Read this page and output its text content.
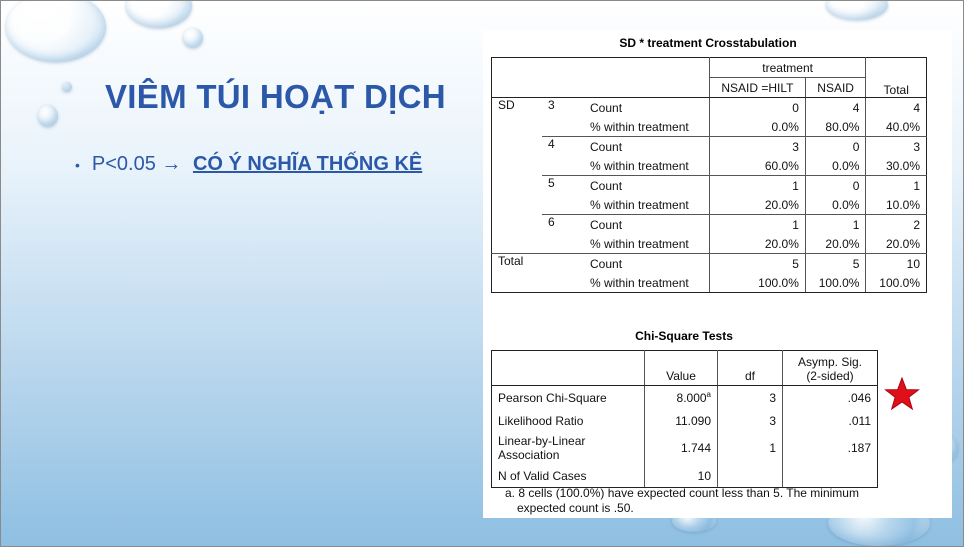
VIÊM TÚI HOẠT DỊCH
• P<0.05 → CÓ Ý NGHĨA THỐNG KÊ
SD * treatment Crosstabulation
			treatment		Total
			NSAID =HILT	NSAID	
SD	3	Count	0	4	4
		% within treatment	0.0%	80.0%	40.0%
	4	Count	3	0	3
		% within treatment	60.0%	0.0%	30.0%
	5	Count	1	0	1
		% within treatment	20.0%	0.0%	10.0%
	6	Count	1	1	2
		% within treatment	20.0%	20.0%	20.0%
Total		Count	5	5	10
		% within treatment	100.0%	100.0%	100.0%
Chi-Square Tests
	Value	df	Asymp. Sig.
(2-sided)
Pearson Chi-Square	8.000$^a$	3	.046
Likelihood Ratio	11.090	3	.011
Linear-by-Linear
Association	1.744	1	.187
N of Valid Cases	10		
a. 8 cells (100.0%) have expected count less than 5. The minimum
expected count is .50.
